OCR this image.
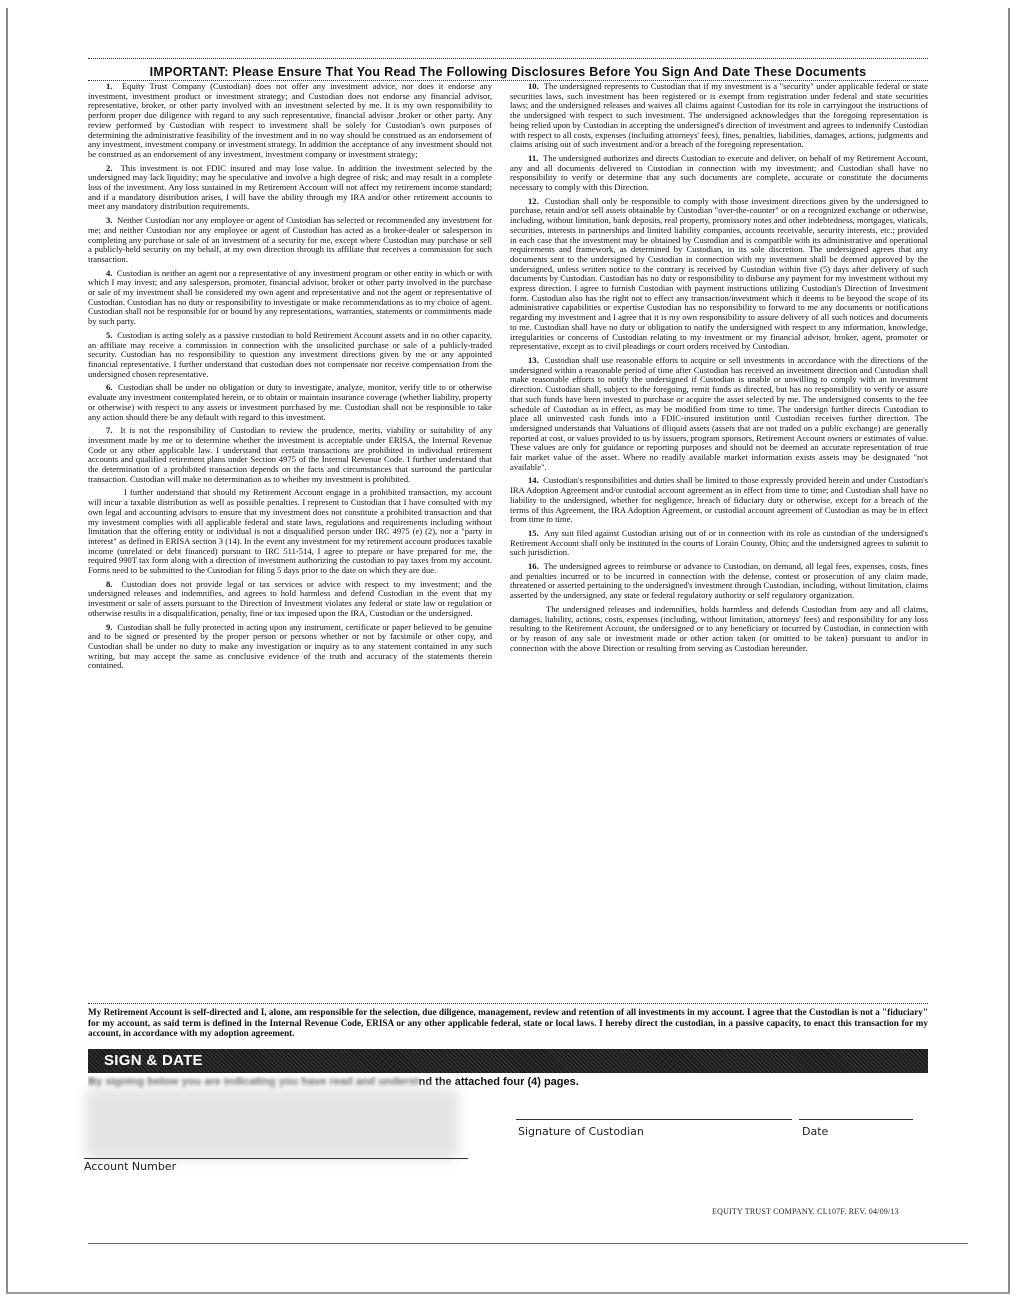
IMPORTANT: Please Ensure That You Read The Following Disclosures Before You Sign And Date These Documents

1. Equity Trust Company (Custodian) does not offer any investment advice, nor does it endorse any investment, investment product or investment strategy; and Custodian does not endorse any financial advisor, representative, broker, or other party involved with an investment selected by me. It is my own responsibility to perform proper due diligence with regard to any such representative, financial advisor ,broker or other party. Any review performed by Custodian with respect to investment shall be solely for Custodian's own purposes of determining the administrative feasibility of the investment and in no way should be construed as an endorsement of any investment, investment company or investment strategy. In addition the acceptance of any investment should not be construed as an endorsement of any investment, investment company or investment strategy;

2. This investment is not FDIC insured and may lose value. In addition the investment selected by the undersigned may lack liquidity; may be speculative and involve a high degree of risk; and may result in a complete loss of the investment. Any loss sustained in my Retirement Account will not affect my retirement income standard; and if a mandatory distribution arises, I will have the ability through my IRA and/or other retirement accounts to meet any mandatory distribution requirements.

3. Neither Custodian nor any employee or agent of Custodian has selected or recommended any investment for me; and neither Custodian nor any employee or agent of Custodian has acted as a broker-dealer or salesperson in completing any purchase or sale of an investment of a security for me, except where Custodian may purchase or sell a publicly-held security on my behalf, at my own direction through its affiliate that receives a commission for such transaction.

4. Custodian is neither an agent nor a representative of any investment program or other entity in which or with which I may invest; and any salesperson, promoter, financial advisor, broker or other party involved in the purchase or sale of my investment shall be considered my own agent and representative and not the agent or representative of Custodian. Custodian has no duty or responsibility to investigate or make recommendations as to my choice of agent. Custodian shall not be responsible for or bound by any representations, warranties, statements or commitments made by such party.

5. Custodian is acting solely as a passive custodian to hold Retirement Account assets and in no other capacity, an affiliate may receive a commission in connection with the unsolicited purchase or sale of a publicly-traded security. Custodian has no responsibility to question any investment directions given by me or any appointed financial representative. I further understand that custodian does not compensate nor receive compensation from the undersigned chosen representative.

6. Custodian shall be under no obligation or duty to investigate, analyze, monitor, verify title to or otherwise evaluate any investment contemplated herein, or to obtain or maintain insurance coverage (whether liability, property or otherwise) with respect to any assets or investment purchased by me. Custodian shall not be responsible to take any action should there be any default with regard to this investment.

7. It is not the responsibility of Custodian to review the prudence, merits, viability or suitability of any investment made by me or to determine whether the investment is acceptable under ERISA, the Internal Revenue Code or any other applicable law. I understand that certain transactions are prohibited in individual retirement accounts and qualified retirement plans under Section 4975 of the Internal Revenue Code. I further understand that the determination of a prohibited transaction depends on the facts and circumstances that surround the particular transaction. Custodian will make no determination as to whether my investment is prohibited.

I further understand that should my Retirement Account engage in a prohibited transaction, my account will incur a taxable distribution as well as possible penalties. I represent to Custodian that I have consulted with my own legal and accounting advisors to ensure that my investment does not constitute a prohibited transaction and that my investment complies with all applicable federal and state laws, regulations and requirements including without limitation that the offering entity or individual is not a disqualified person under IRC 4975 (e) (2), nor a "party in interest" as defined in ERISA section 3 (14). In the event any investment for my retirement account produces taxable income (unrelated or debt financed) pursuant to IRC 511-514, I agree to prepare or have prepared for me, the required 990T tax form along with a direction of investment authorizing the custodian to pay taxes from my account. Forms need to be submitted to the Custodian for filing 5 days prior to the date on which they are due.

8. Custodian does not provide legal or tax services or advice with respect to my investment; and the undersigned releases and indemnifies, and agrees to hold harmless and defend Custodian in the event that my investment or sale of assets pursuant to the Direction of Investment violates any federal or state law or regulation or otherwise results in a disqualification, penalty, fine or tax imposed upon the IRA, Custodian or the undersigned.

9. Custodian shall be fully protected in acting upon any instrument, certificate or paper believed to be genuine and to be signed or presented by the proper person or persons whether or not by facsimile or other copy, and Custodian shall be under no duty to make any investigation or inquiry as to any statement contained in any such writing, but may accept the same as conclusive evidence of the truth and accuracy of the statements therein contained.

10. The undersigned represents to Custodian that if my investment is a "security" under applicable federal or state securities laws, such investment has been registered or is exempt from registration under federal and state securities laws; and the undersigned releases and waives all claims against Custodian for its role in carryingout the instructions of the undersigned with respect to such investment. The undersigned acknowledges that the foregoing representation is being relied upon by Custodian in accepting the undersigned's direction of investment and agrees to indemnify Custodian with respect to all costs, expenses (including attorneys' fees), fines, penalties, liabilities, damages, actions, judgments and claims arising out of such investment and/or a breach of the foregoing representation.

11. The undersigned authorizes and directs Custodian to execute and deliver, on behalf of my Retirement Account, any and all documents delivered to Custodian in connection with my investment; and Custodian shall have no responsibility to verify or determine that any such documents are complete, accurate or constitute the documents necessary to comply with this Direction.

12. Custodian shall only be responsible to comply with those investment directions given by the undersigned to purchase, retain and/or sell assets obtainable by Custodian "over-the-counter" or on a recognized exchange or otherwise, including, without limitation, bank deposits, real property, promissory notes and other indebtedness, mortgages, viaticals, securities, interests in partnerships and limited liability companies, accounts receivable, security interests, etc.; provided in each case that the investment may be obtained by Custodian and is compatible with its administrative and operational requirements and framework, as determined by Custodian, in its sole discretion. The undersigned agrees that any documents sent to the undersigned by Custodian in connection with my investment shall be deemed approved by the undersigned, unless written notice to the contrary is received by Custodian within five (5) days after delivery of such documents by Custodian. Custodian has no duty or responsibility to disburse any payment for my investment without my express direction. I agree to furnish Custodian with payment instructions utilizing Custodian's Direction of Investment form. Custodian also has the right not to effect any transaction/investment which it deems to be beyond the scope of its administrative capabilities or expertise Custodian has no responsibility to forward to me any documents or notifications regarding my investment and I agree that it is my own responsibility to assure delivery of all such notices and documents to me. Custodian shall have no duty or obligation to notify the undersigned with respect to any information, knowledge, irregularities or concerns of Custodian relating to my investment or my financial advisor, broker, agent, promoter or representative, except as to civil pleadings or court orders received by Custodian.

13. Custodian shall use reasonable efforts to acquire or sell investments in accordance with the directions of the undersigned within a reasonable period of time after Custodian has received an investment direction and Custodian shall make reasonable efforts to notify the undersigned if Custodian is unable or unwilling to comply with an investment direction. Custodian shall, subject to the foregoing, remit funds as directed, but has no responsibility to verify or assure that such funds have been invested to purchase or acquire the asset selected by me. The undersigned consents to the fee schedule of Custodian as in effect, as may be modified from time to time. The undersign further directs Custodian to place all uninvested cash funds into a FDIC-insured institution until Custodian receives further direction. The undersigned understands that Valuations of illiquid assets (assets that are not traded on a public exchange) are generally reported at cost, or values provided to us by issuers, program sponsors, Retirement Account owners or estimates of value. These values are only for guidance or reporting purposes and should not be deemed an accurate representation of true fair market value of the asset. Where no readily available market information exists assets may be designated "not available".

14. Custodian's responsibilities and duties shall be limited to those expressly provided herein and under Custodian's IRA Adoption Agreement and/or custodial account agreement as in effect from time to time; and Custodian shall have no liability to the undersigned, whether for negligence, breach of fiduciary duty or otherwise, except for a breach of the terms of this Agreement, the IRA Adoption Agreement, or custodial account agreement of Custodian as may be in effect from time to time.

15. Any suit filed against Custodian arising out of or in connection with its role as custodian of the undersigned's Retirement Account shall only be instituted in the courts of Lorain County, Ohio; and the undersigned agrees to submit to such jurisdiction.

16. The undersigned agrees to reimburse or advance to Custodian, on demand, all legal fees, expenses, costs, fines and penalties incurred or to be incurred in connection with the defense, contest or prosecution of any claim made, threatened or asserted pertaining to the undersigned's investment through Custodian, including, without limitation, claims asserted by the undersigned, any state or federal regulatory authority or self regulatory organization.

The undersigned releases and indemnifies, holds harmless and defends Custodian from any and all claims, damages, liability, actions, costs, expenses (including, without limitation, attorneys' fees) and responsibility for any loss resulting to the Retirement Account, the undersigned or to any beneficiary or incurred by Custodian, in connection with or by reason of any sale or investment made or other action taken (or omitted to be taken) pursuant to and/or in connection with the above Direction or resulting from serving as Custodian hereunder.

My Retirement Account is self-directed and I, alone, am responsible for the selection, due diligence, management, review and retention of all investments in my account. I agree that the Custodian is not a "fiduciary" for my account, as said term is defined in the Internal Revenue Code, ERISA or any other applicable federal, state or local laws. I hereby direct the custodian, in a passive capacity, to enact this transaction for my account, in accordance with my adoption agreement.
SIGN & DATE
By signing below you are indicating you have read and understnd the attached four (4) pages.
Signature of Custodian	Date
Account Number
EQUITY TRUST COMPANY. CL107F. REV. 04/09/13
